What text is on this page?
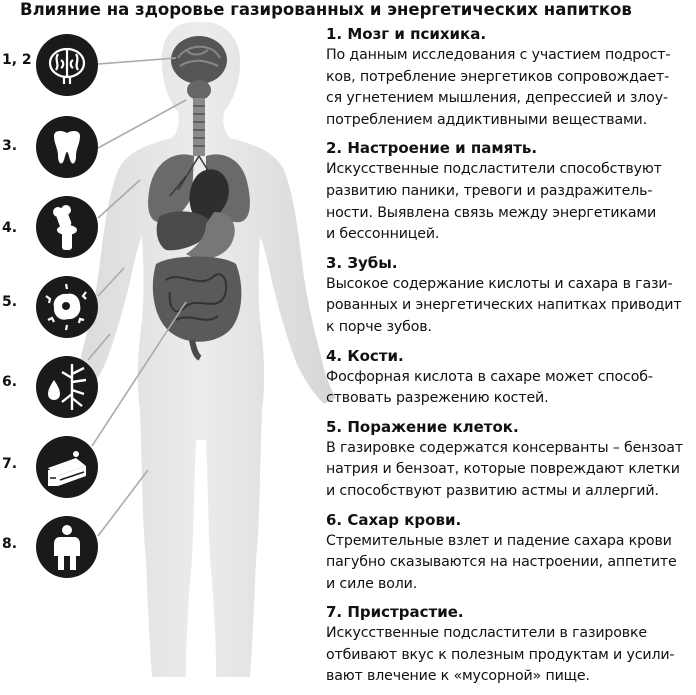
Влияние на здоровье газированных и энергетических напитков
1, 2
3.
4.
5.
6.
7.
8.
1. Мозг и психика.

По данным исследования с участием подрост-
ков, потребление энергетиков сопровождает-
ся угнетением мышления, депрессией и злоу-
потреблением аддиктивными веществами.

2. Настроение и память.

Искусственные подсластители способствуют
развитию паники, тревоги и раздражитель-
ности. Выявлена связь между энергетиками
и бессонницей.

3. Зубы.

Высокое содержание кислоты и сахара в гази-
рованных и энергетических напитках приводит
к порче зубов.

4. Кости.

Фосфорная кислота в сахаре может способ-
ствовать разрежению костей.

5. Поражение клеток.

В газировке содержатся консерванты – бензоат
натрия и бензоат, которые повреждают клетки
и способствуют развитию астмы и аллергий.

6. Сахар крови.

Стремительные взлет и падение сахара крови
пагубно сказываются на настроении, аппетите
и силе воли.

7. Пристрастие.

Искусственные подсластители в газировке
отбивают вкус к полезным продуктам и усили-
вают влечение к «мусорной» пище.
